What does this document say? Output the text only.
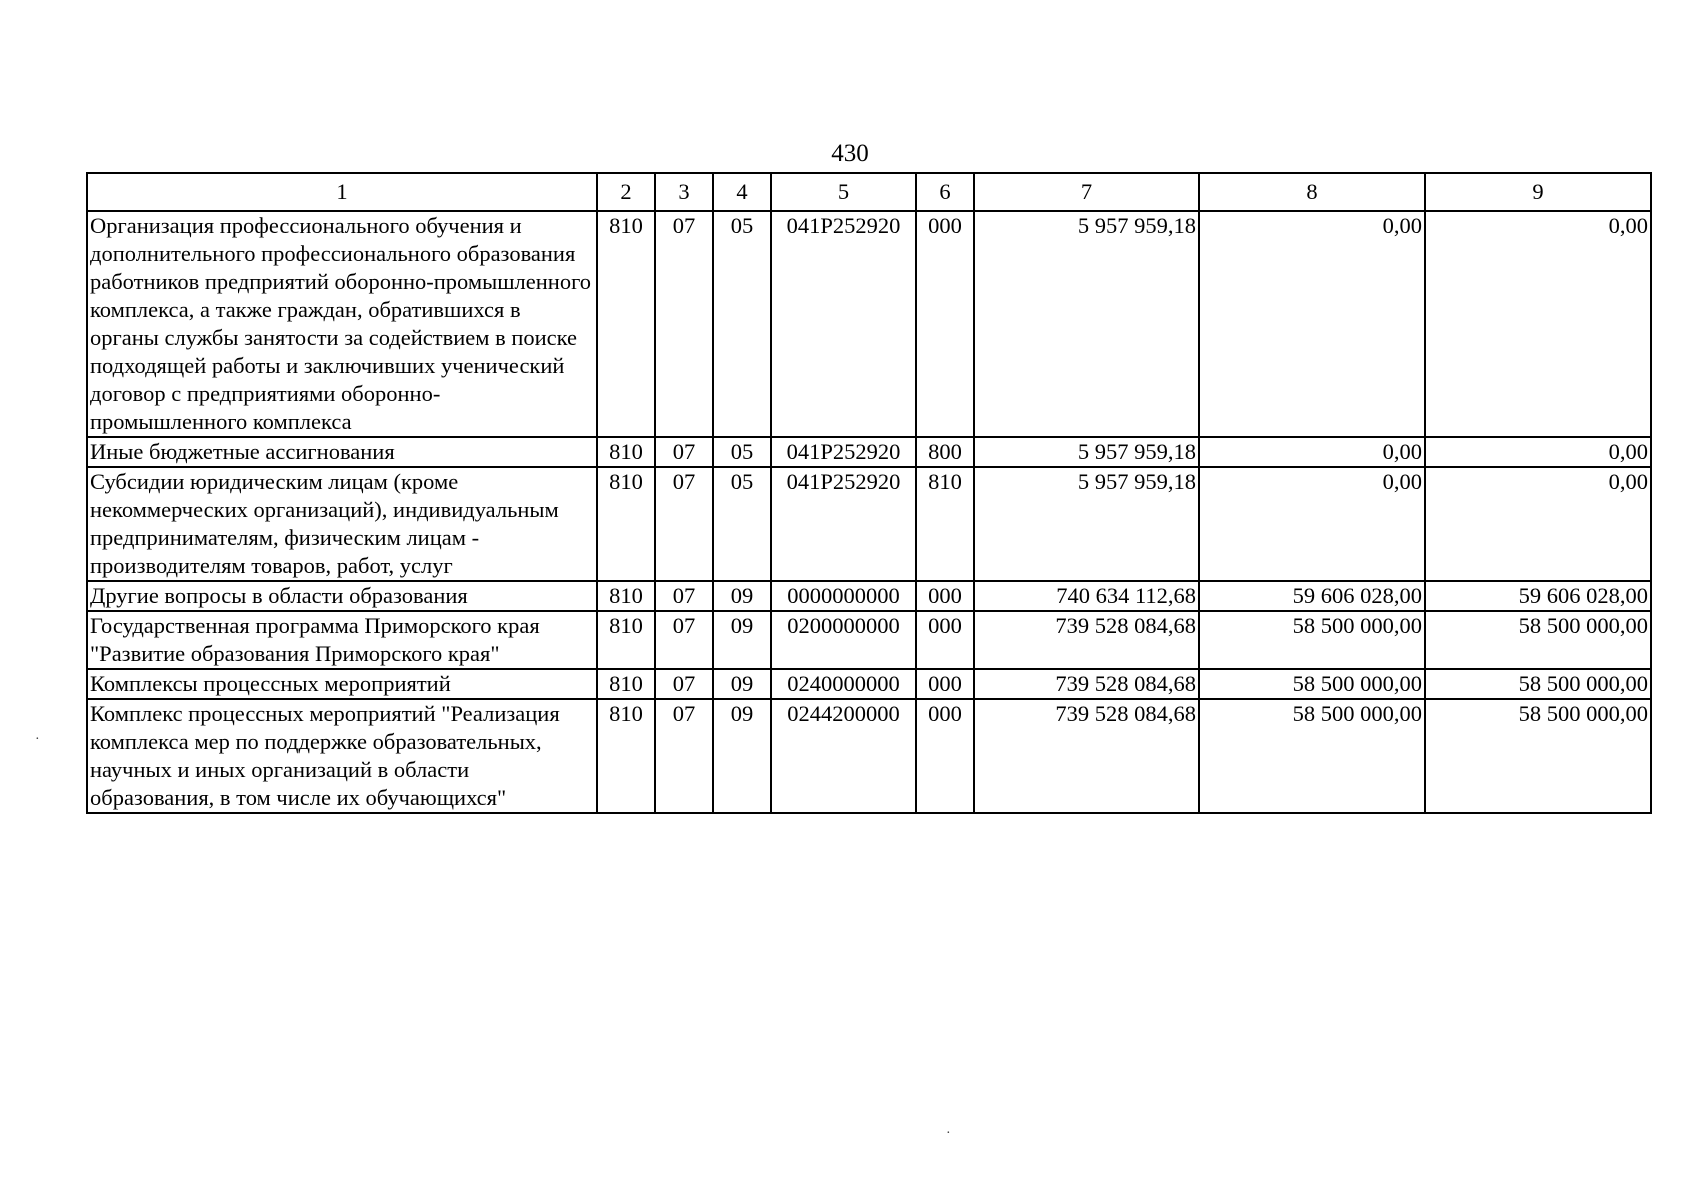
430
1	2	3	4	5	6	7	8	9
Организация профессионального обучения и дополнительного профессионального образования работников предприятий оборонно-промышленного комплекса, а также граждан, обратившихся в органы службы занятости за содействием в поиске подходящей работы и заключивших ученический договор с предприятиями оборонно-промышленного комплекса	810	07	05	041Р252920	000	5 957 959,18	0,00	0,00
Иные бюджетные ассигнования	810	07	05	041Р252920	800	5 957 959,18	0,00	0,00
Субсидии юридическим лицам (кроме некоммерческих организаций), индивидуальным предпринимателям, физическим лицам - производителям товаров, работ, услуг	810	07	05	041Р252920	810	5 957 959,18	0,00	0,00
Другие вопросы в области образования	810	07	09	0000000000	000	740 634 112,68	59 606 028,00	59 606 028,00
Государственная программа Приморского края "Развитие образования Приморского края"	810	07	09	0200000000	000	739 528 084,68	58 500 000,00	58 500 000,00
Комплексы процессных мероприятий	810	07	09	0240000000	000	739 528 084,68	58 500 000,00	58 500 000,00
Комплекс процессных мероприятий "Реализация комплекса мер по поддержке образовательных, научных и иных организаций в области образования, в том числе их обучающихся"	810	07	09	0244200000	000	739 528 084,68	58 500 000,00	58 500 000,00
·
·
